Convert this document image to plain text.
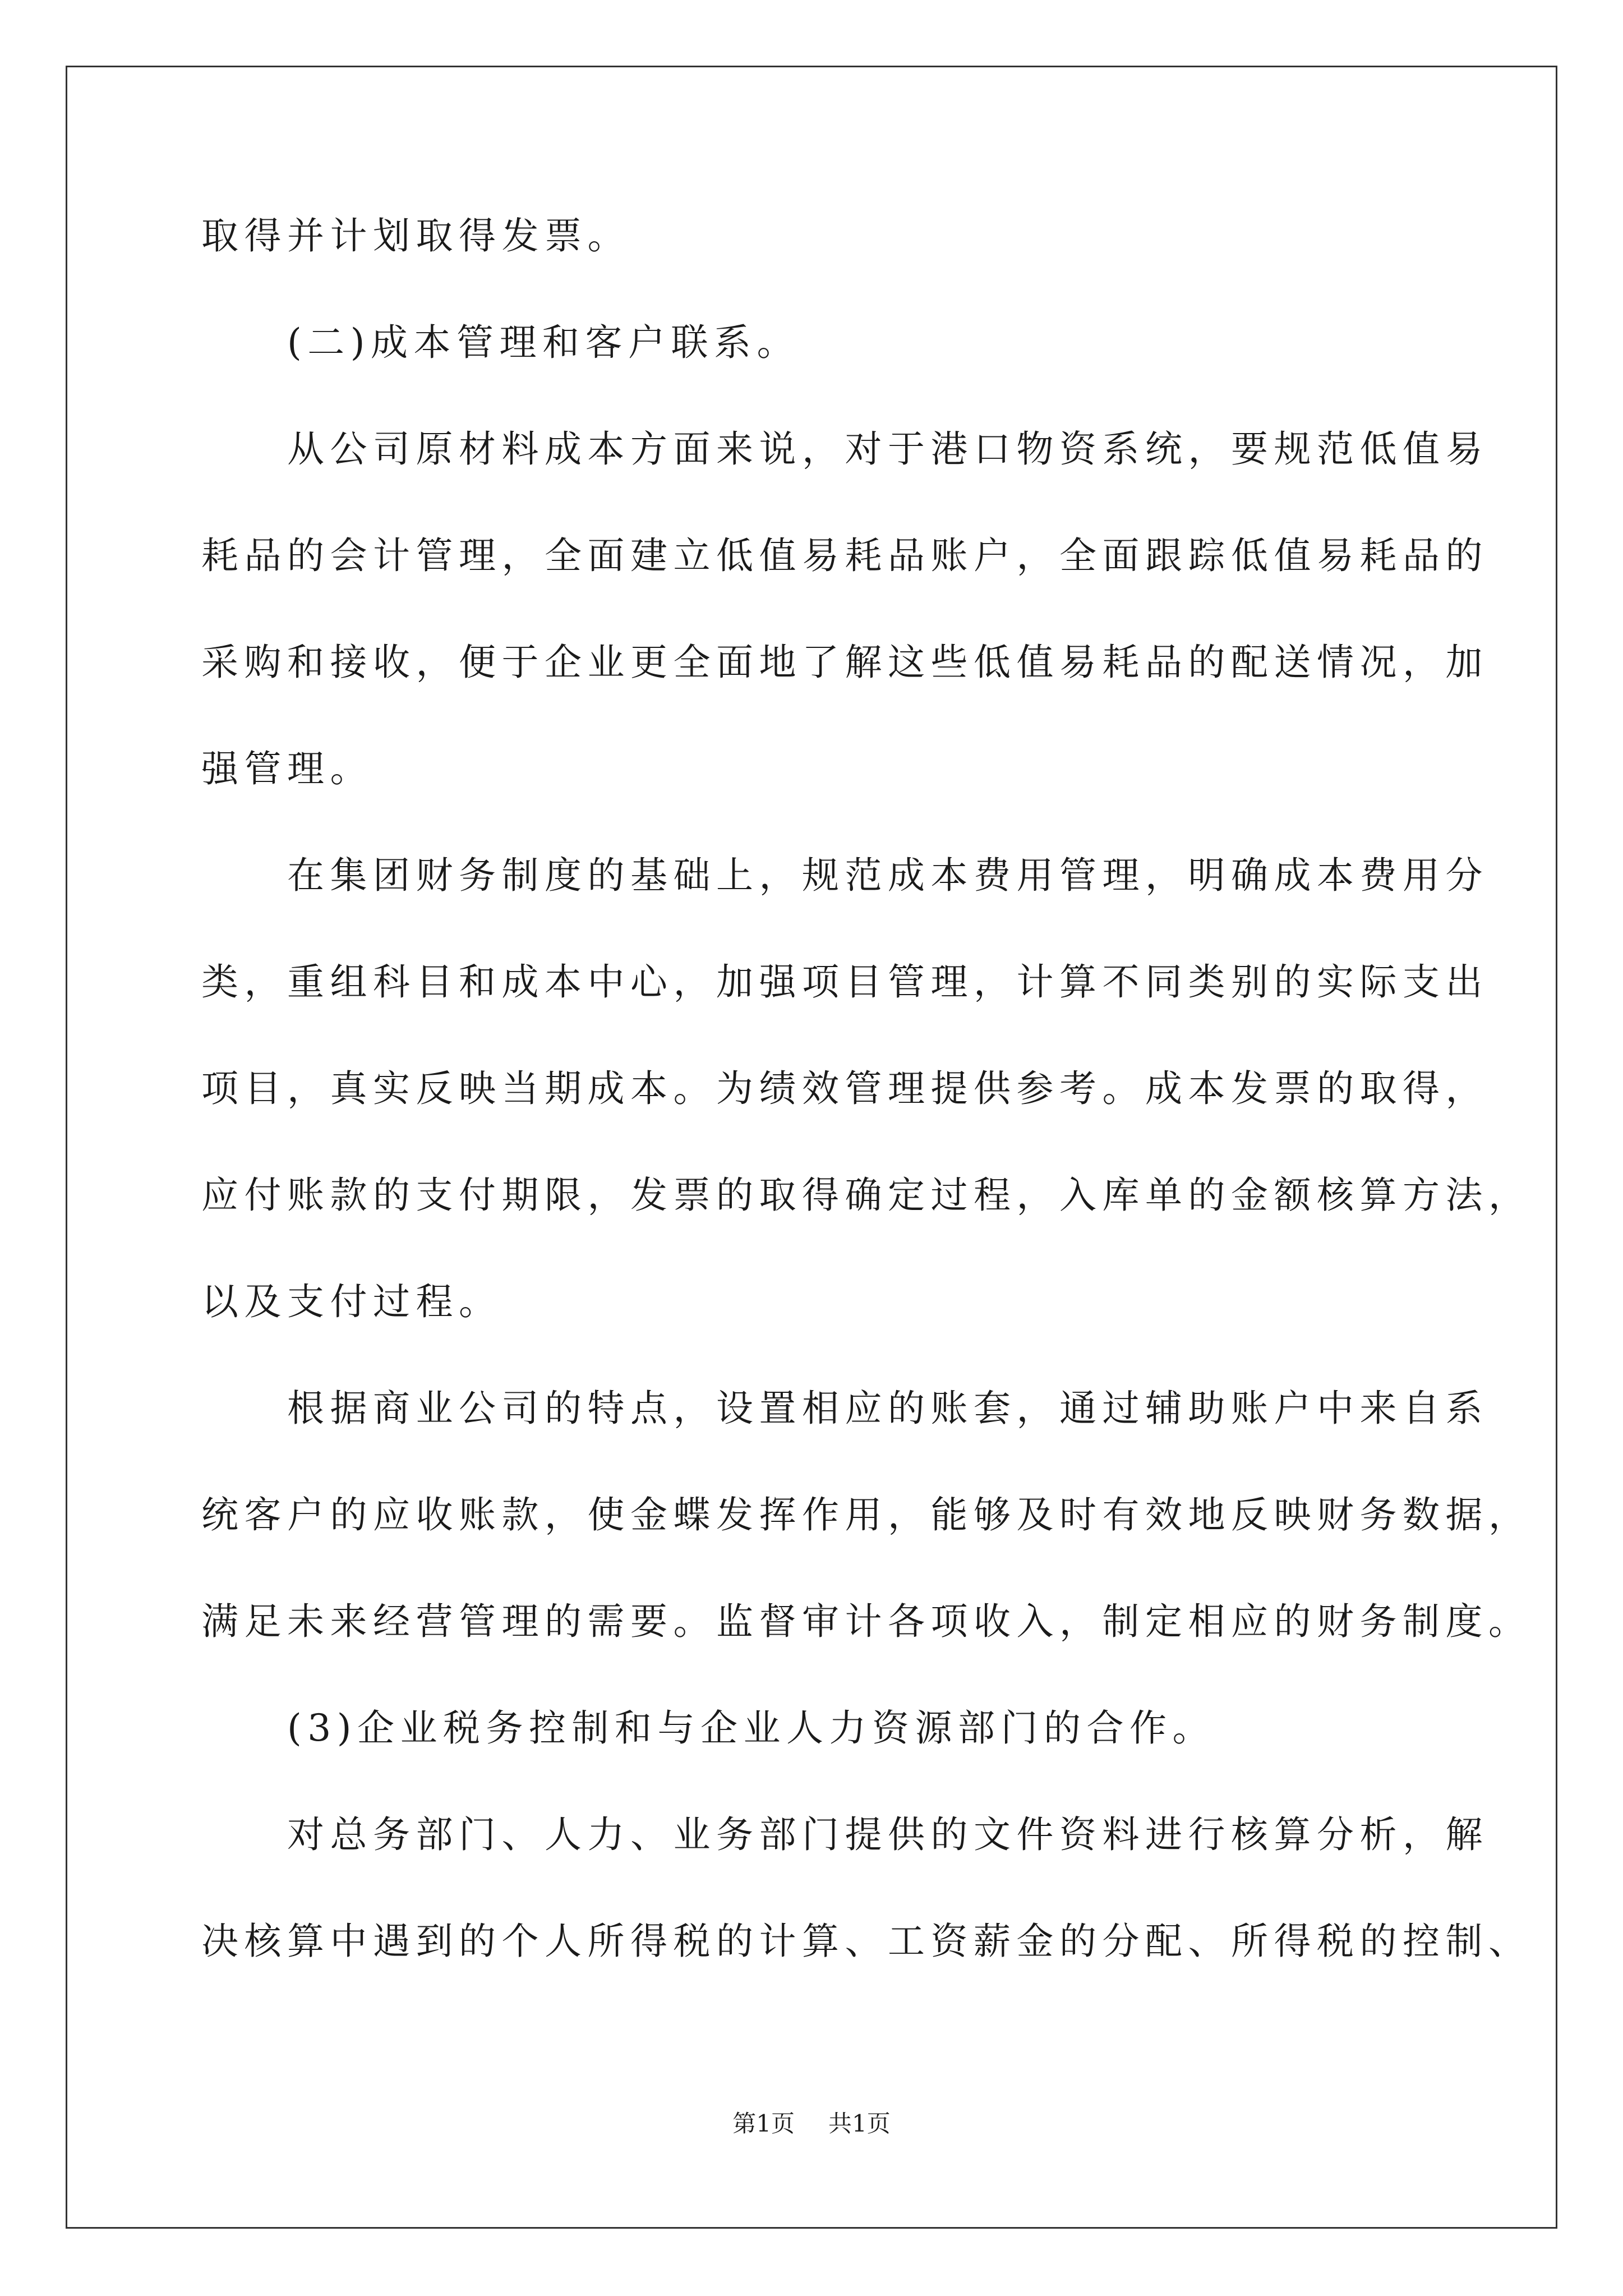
取得并计划取得发票。
　　(二)成本管理和客户联系。
　　从公司原材料成本方面来说，对于港口物资系统，要规范低值易
耗品的会计管理，全面建立低值易耗品账户，全面跟踪低值易耗品的
采购和接收，便于企业更全面地了解这些低值易耗品的配送情况，加
强管理。
　　在集团财务制度的基础上，规范成本费用管理，明确成本费用分
类，重组科目和成本中心，加强项目管理，计算不同类别的实际支出
项目，真实反映当期成本。为绩效管理提供参考。成本发票的取得，
应付账款的支付期限，发票的取得确定过程，入库单的金额核算方法，
以及支付过程。
　　根据商业公司的特点，设置相应的账套，通过辅助账户中来自系
统客户的应收账款，使金蝶发挥作用，能够及时有效地反映财务数据，
满足未来经营管理的需要。监督审计各项收入，制定相应的财务制度。
　　(3)企业税务控制和与企业人力资源部门的合作。
　　对总务部门、人力、业务部门提供的文件资料进行核算分析，解
决核算中遇到的个人所得税的计算、工资薪金的分配、所得税的控制、
第1页 共1页
